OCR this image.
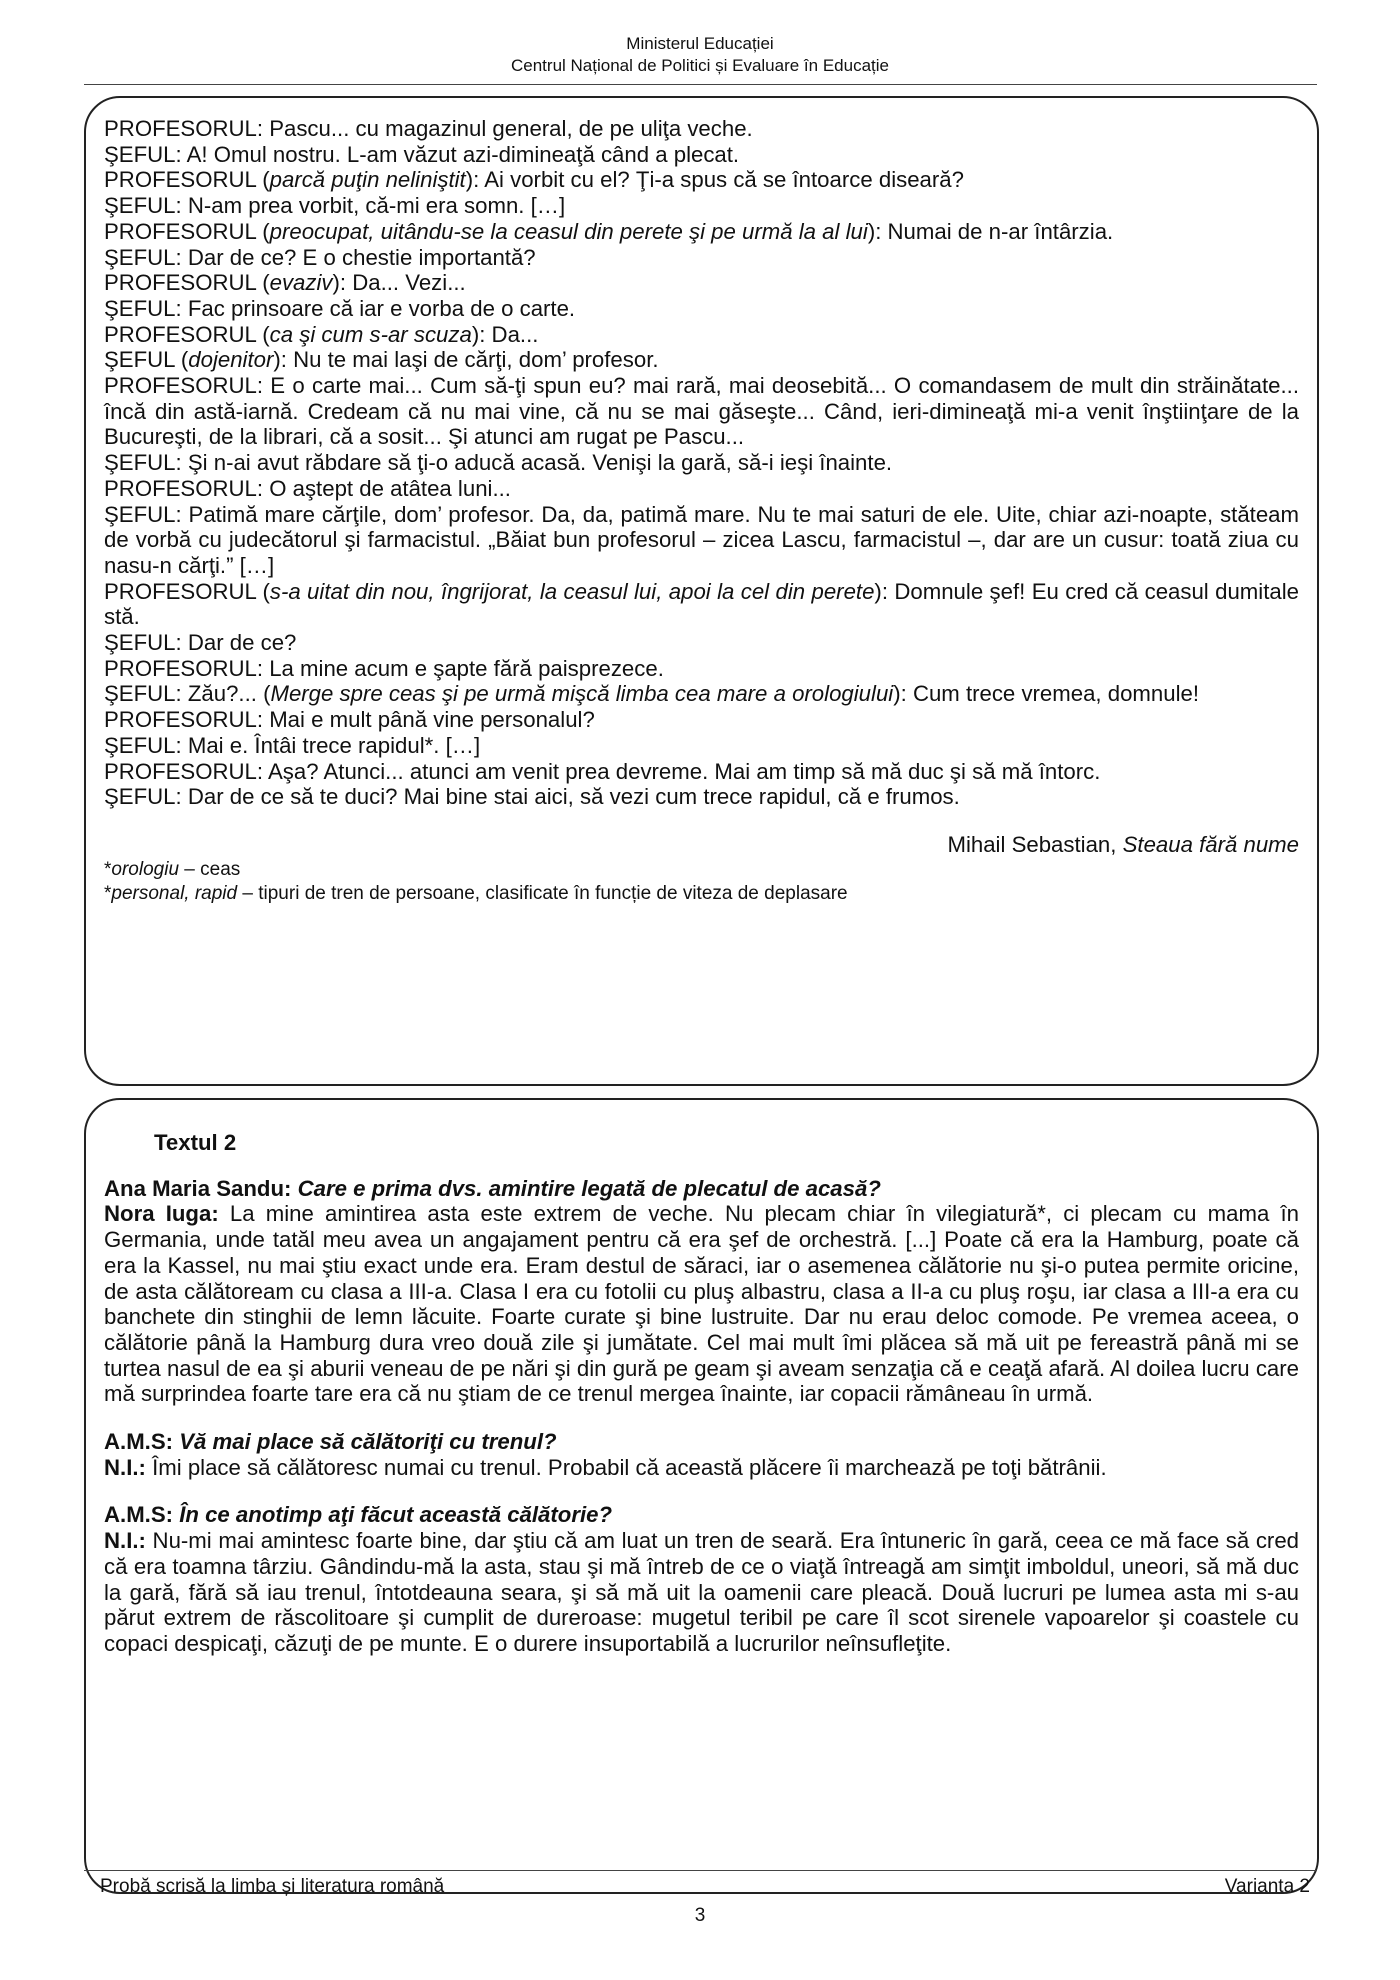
Ministerul Educației

Centrul Național de Politici și Evaluare în Educație

PROFESORUL: Pascu... cu magazinul general, de pe uliţa veche.

ŞEFUL: A! Omul nostru. L-am văzut azi-dimineaţă când a plecat.

PROFESORUL (parcă puţin neliniştit): Ai vorbit cu el? Ţi-a spus că se întoarce diseară?

ŞEFUL: N-am prea vorbit, că-mi era somn. […]

PROFESORUL (preocupat, uitându-se la ceasul din perete şi pe urmă la al lui): Numai de n-ar întârzia.

ŞEFUL: Dar de ce? E o chestie importantă?

PROFESORUL (evaziv): Da... Vezi...

ŞEFUL: Fac prinsoare că iar e vorba de o carte.

PROFESORUL (ca şi cum s-ar scuza): Da...

ŞEFUL (dojenitor): Nu te mai laşi de cărţi, dom’ profesor.

PROFESORUL: E o carte mai... Cum să-ţi spun eu? mai rară, mai deosebită... O comandasem de mult din străinătate... încă din astă-iarnă. Credeam că nu mai vine, că nu se mai găseşte... Când, ieri-dimineaţă mi-a venit înştiinţare de la Bucureşti, de la librari, că a sosit... Şi atunci am rugat pe Pascu...

ŞEFUL: Şi n-ai avut răbdare să ţi-o aducă acasă. Venişi la gară, să-i ieşi înainte.

PROFESORUL: O aştept de atâtea luni...

ŞEFUL: Patimă mare cărţile, dom’ profesor. Da, da, patimă mare. Nu te mai saturi de ele. Uite, chiar azi-noapte, stăteam de vorbă cu judecătorul şi farmacistul. „Băiat bun profesorul – zicea Lascu, farmacistul –, dar are un cusur: toată ziua cu nasu-n cărţi.” […]

PROFESORUL (s-a uitat din nou, îngrijorat, la ceasul lui, apoi la cel din perete): Domnule şef! Eu cred că ceasul dumitale stă.

ŞEFUL: Dar de ce?

PROFESORUL: La mine acum e şapte fără paisprezece.

ŞEFUL: Zău?... (Merge spre ceas şi pe urmă mişcă limba cea mare a orologiului): Cum trece vremea, domnule!

PROFESORUL: Mai e mult până vine personalul?

ŞEFUL: Mai e. Întâi trece rapidul*. […]

PROFESORUL: Aşa? Atunci... atunci am venit prea devreme. Mai am timp să mă duc şi să mă întorc.

ŞEFUL: Dar de ce să te duci? Mai bine stai aici, să vezi cum trece rapidul, că e frumos.

Mihail Sebastian, Steaua fără nume

*orologiu – ceas

*personal, rapid – tipuri de tren de persoane, clasificate în funcție de viteza de deplasare

Textul 2

Ana Maria Sandu: Care e prima dvs. amintire legată de plecatul de acasă?

Nora Iuga: La mine amintirea asta este extrem de veche. Nu plecam chiar în vilegiatură*, ci plecam cu mama în Germania, unde tatăl meu avea un angajament pentru că era şef de orchestră. [...] Poate că era la Hamburg, poate că era la Kassel, nu mai ştiu exact unde era. Eram destul de săraci, iar o asemenea călătorie nu şi-o putea permite oricine, de asta călătoream cu clasa a III-a. Clasa I era cu fotolii cu pluş albastru, clasa a II-a cu pluş roşu, iar clasa a III-a era cu banchete din stinghii de lemn lăcuite. Foarte curate şi bine lustruite. Dar nu erau deloc comode. Pe vremea aceea, o călătorie până la Hamburg dura vreo două zile şi jumătate. Cel mai mult îmi plăcea să mă uit pe fereastră până mi se turtea nasul de ea şi aburii veneau de pe nări şi din gură pe geam şi aveam senzaţia că e ceaţă afară. Al doilea lucru care mă surprindea foarte tare era că nu ştiam de ce trenul mergea înainte, iar copacii rămâneau în urmă.

A.M.S: Vă mai place să călătoriţi cu trenul?

N.I.: Îmi place să călătoresc numai cu trenul. Probabil că această plăcere îi marchează pe toţi bătrânii.

A.M.S: În ce anotimp aţi făcut această călătorie?

N.I.: Nu-mi mai amintesc foarte bine, dar ştiu că am luat un tren de seară. Era întuneric în gară, ceea ce mă face să cred că era toamna târziu. Gândindu-mă la asta, stau şi mă întreb de ce o viaţă întreagă am simţit imboldul, uneori, să mă duc la gară, fără să iau trenul, întotdeauna seara, şi să mă uit la oamenii care pleacă. Două lucruri pe lumea asta mi s-au părut extrem de răscolitoare şi cumplit de dureroase: mugetul teribil pe care îl scot sirenele vapoarelor şi coastele cu copaci despicaţi, căzuţi de pe munte. E o durere insuportabilă a lucrurilor neînsufleţite.

Probă scrisă la limba și literatura română	Varianta 2
3
